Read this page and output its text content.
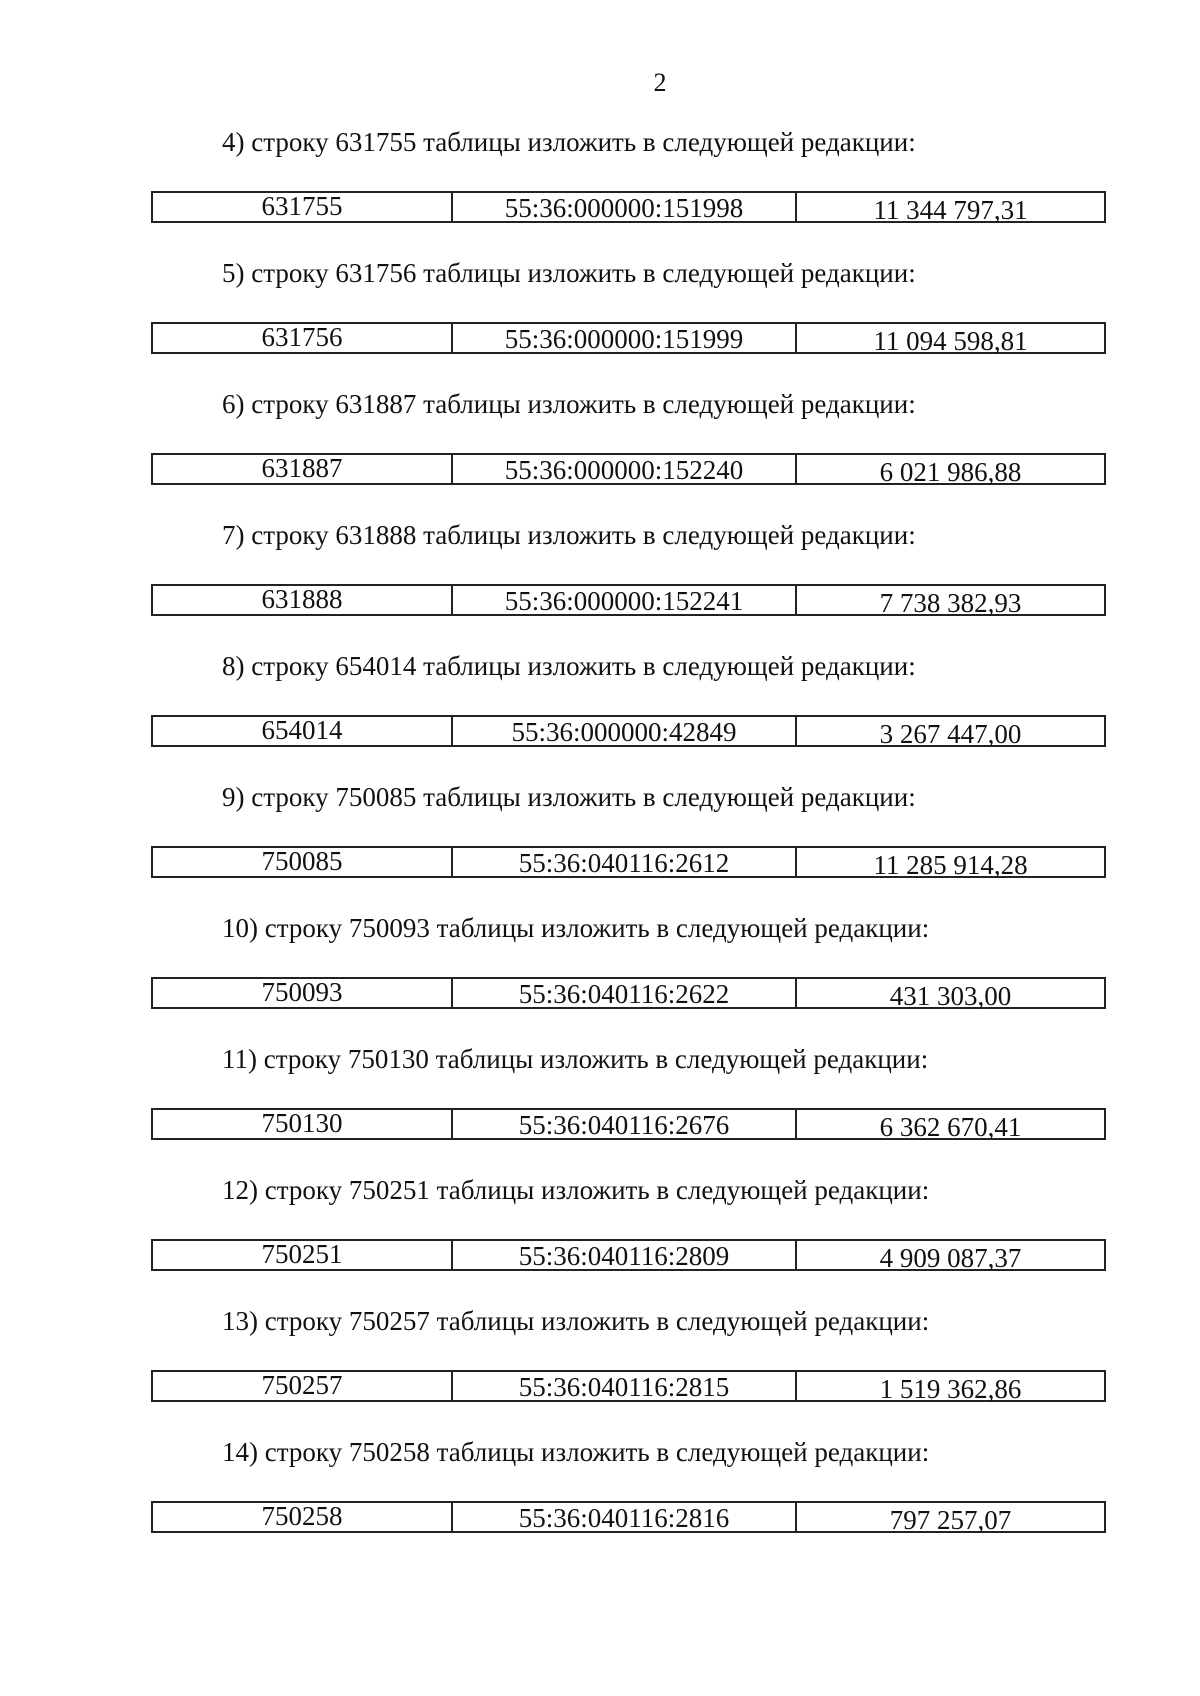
2
4) строку 631755 таблицы изложить в следующей редакции:
631755	55:36:000000:151998	11 344 797,31
5) строку 631756 таблицы изложить в следующей редакции:
631756	55:36:000000:151999	11 094 598,81
6) строку 631887 таблицы изложить в следующей редакции:
631887	55:36:000000:152240	6 021 986,88
7) строку 631888 таблицы изложить в следующей редакции:
631888	55:36:000000:152241	7 738 382,93
8) строку 654014 таблицы изложить в следующей редакции:
654014	55:36:000000:42849	3 267 447,00
9) строку 750085 таблицы изложить в следующей редакции:
750085	55:36:040116:2612	11 285 914,28
10) строку 750093 таблицы изложить в следующей редакции:
750093	55:36:040116:2622	431 303,00
11) строку 750130 таблицы изложить в следующей редакции:
750130	55:36:040116:2676	6 362 670,41
12) строку 750251 таблицы изложить в следующей редакции:
750251	55:36:040116:2809	4 909 087,37
13) строку 750257 таблицы изложить в следующей редакции:
750257	55:36:040116:2815	1 519 362,86
14) строку 750258 таблицы изложить в следующей редакции:
750258	55:36:040116:2816	797 257,07
